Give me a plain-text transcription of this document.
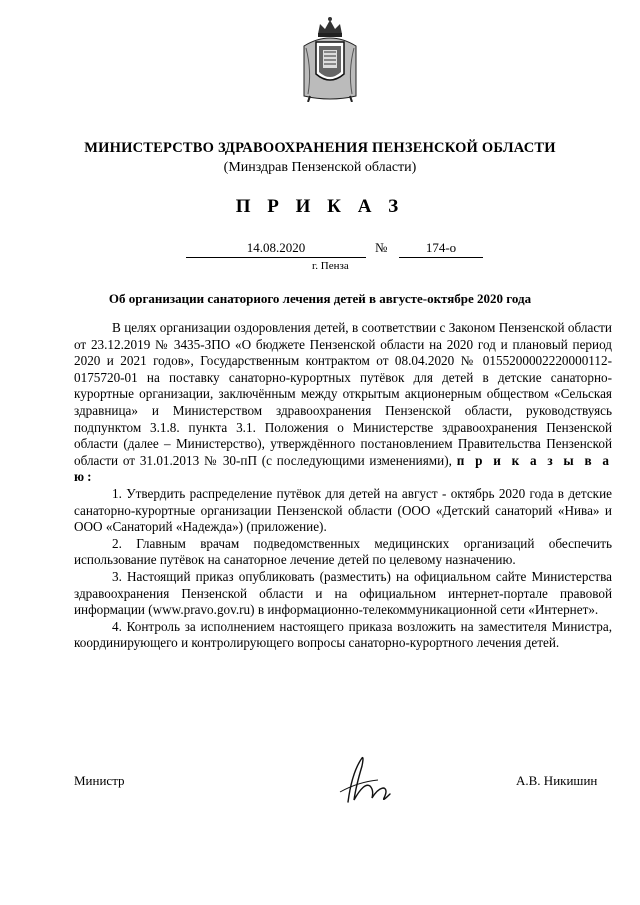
МИНИСТЕРСТВО ЗДРАВООХРАНЕНИЯ ПЕНЗЕНСКОЙ ОБЛАСТИ
(Минздрав Пензенской области)
П Р И К А З
14.08.2020	№	174-о
г. Пенза
Об организации санаториого лечения детей в августе-октябре 2020 года

В целях организации оздоровления детей, в соответствии с Законом Пензенской области от 23.12.2019 № 3435-ЗПО «О бюджете Пензенской области на 2020 год и плановый период 2020 и 2021 годов», Государственным контрактом от 08.04.2020 № 0155200002220000112-0175720-01 на поставку санаторно-курортных путёвок для детей в детские санаторно-курортные организации, заключённым между открытым акционерным обществом «Сельская здравница» и Министерством здравоохранения Пензенской области, руководствуясь подпунктом 3.1.8. пункта 3.1. Положения о Министерстве здравоохранения Пензенской области (далее – Министерство), утверждённого постановлением Правительства Пензенской области от 31.01.2013 № 30-пП (с последующими изменениями), п р и к а з ы в а ю:

1. Утвердить распределение путёвок для детей на август - октябрь 2020 года в детские санаторно-курортные организации Пензенской области (ООО «Детский санаторий «Нива» и ООО «Санаторий «Надежда») (приложение).

2. Главным врачам подведомственных медицинских организаций обеспечить использование путёвок на санаторное лечение детей по целевому назначению.

3. Настоящий приказ опубликовать (разместить) на официальном сайте Министерства здравоохранения Пензенской области и на официальном интернет-портале правовой информации (www.pravo.gov.ru) в информационно-телекоммуникационной сети «Интернет».

4. Контроль за исполнением настоящего приказа возложить на заместителя Министра, координирующего и контролирующего вопросы санаторно-курортного лечения детей.

Министр	А.В. Никишин
